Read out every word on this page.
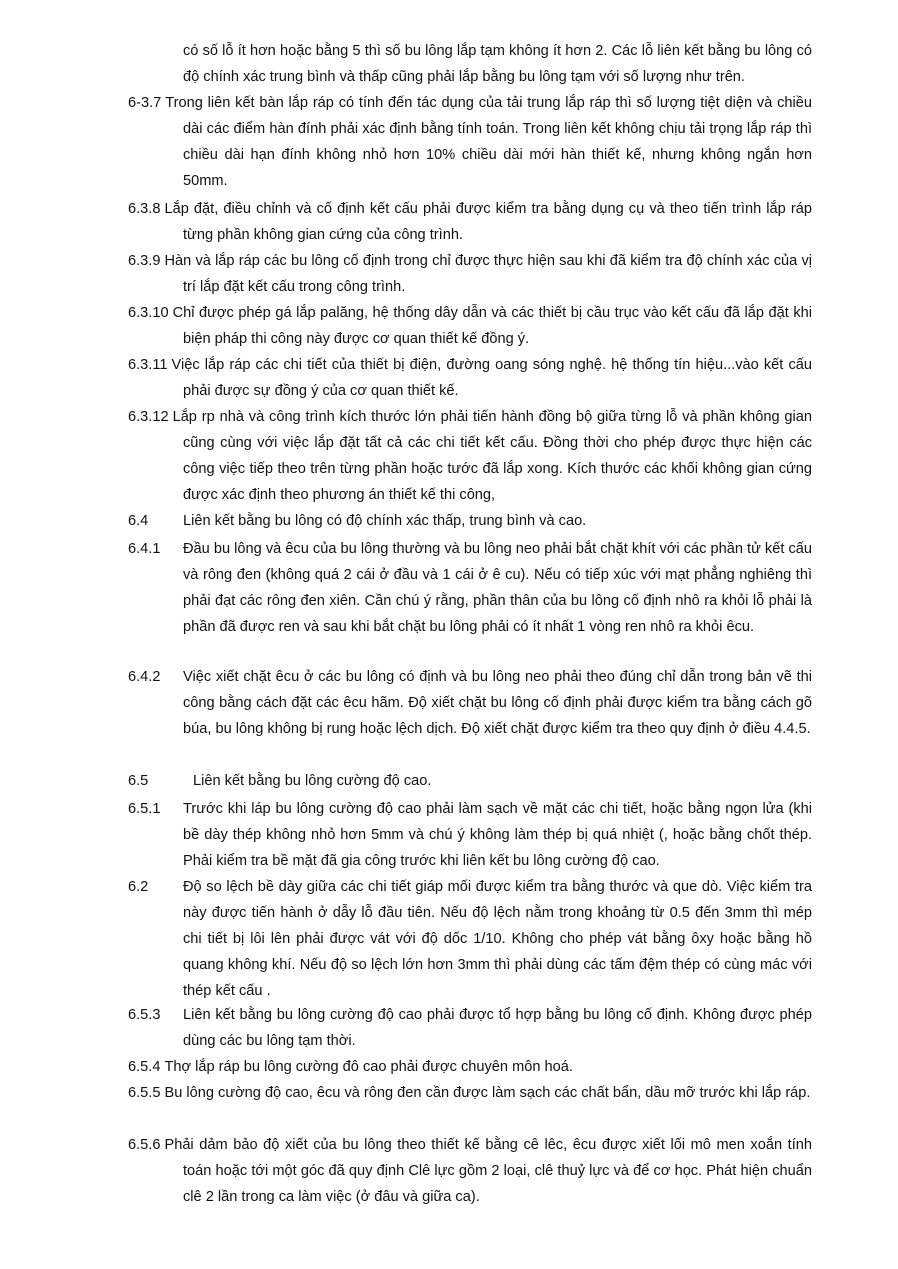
có số lỗ ít hơn hoặc bằng 5 thì số bu lông lắp tạm không ít hơn 2. Các lỗ liên kết bằng bu lông có độ chính xác trung bình và thấp cũng phải lắp bằng bu lông tạm với số lượng như trên.

6-3.7 Trong liên kết bàn lắp ráp có tính đến tác dụng của tải trung lắp ráp thì số lượng tiệt diện và chiều dài các điểm hàn đính phải xác định bằng tính toán. Trong liên kết không chịu tải trọng lắp ráp thì chiều dài hạn đính không nhỏ hơn 10% chiều dài mới hàn thiết kế, nhưng không ngắn hơn 50mm.

6.3.8 Lắp đặt, điều chỉnh và cố định kết cấu phải được kiểm tra bằng dụng cụ và theo tiến trình lắp ráp từng phần không gian cứng của công trình.

6.3.9 Hàn và lắp ráp các bu lông cố định trong chỉ được thực hiện sau khi đã kiểm tra độ chính xác của vị trí lắp đặt kết cấu trong công trình.

6.3.10 Chỉ được phép gá lắp palăng, hệ thống dây dẫn và các thiết bị cầu trục vào kết cấu đã lắp đặt khi biện pháp thi công này được cơ quan thiết kế đồng ý.

6.3.11 Việc lắp ráp các chi tiết của thiết bị điện, đường oang sóng nghệ. hệ thống tín hiệu...vào kết cấu phải được sự đồng ý của cơ quan thiết kế.

6.3.12 Lắp rp nhà và công trình kích thước lớn phải tiến hành đồng bộ giữa từng lỗ và phần không gian cũng cùng với việc lắp đặt tất cả các chi tiết kết cấu. Đồng thời cho phép được thực hiện các công việc tiếp theo trên từng phần hoặc tước đã lắp xong. Kích thước các khối không gian cứng được xác định theo phương án thiết kế thi công,

6.4 Liên kết bằng bu lông có độ chính xác thấp, trung bình và cao.

6.4.1 Đầu bu lông và êcu của bu lông thường và bu lông neo phải bắt chặt khít với các phần tử kết cấu và rông đen (không quá 2 cái ở đầu và 1 cái ở ê cu). Nếu có tiếp xúc với mạt phẳng nghiêng thì phải đạt các rông đen xiên. Cần chú ý rằng, phần thân của bu lông cố định nhô ra khỏi lỗ phải là phần đã được ren và sau khi bắt chặt bu lông phải có ít nhất 1 vòng ren nhô ra khỏi êcu.

6.4.2 Việc xiết chặt êcu ở các bu lông có định và bu lông neo phải theo đúng chỉ dẫn trong bản vẽ thi công bằng cách đặt các êcu hãm. Độ xiết chặt bu lông cố định phải được kiểm tra bằng cách gõ búa, bu lông không bị rung hoặc lệch dịch. Độ xiết chặt được kiểm tra theo quy định ở điều 4.4.5.

6.5	Liên kết bằng bu lông cường độ cao.

6.5.1 Trước khi láp bu lông cường độ cao phải làm sạch về mặt các chi tiết, hoặc bằng ngọn lửa (khi bề dày thép không nhỏ hơn 5mm và chú ý không làm thép bị quá nhiệt (, hoặc bằng chốt thép. Phải kiểm tra bề mặt đã gia công trước khi liên kết bu lông cường độ cao.

6.2 Độ so lệch bề dày giữa các chi tiết giáp mối được kiểm tra bằng thước và que dò. Việc kiểm tra này được tiến hành ở dẫy lỗ đầu tiên. Nếu độ lệch nằm trong khoảng từ 0.5 đến 3mm thì mép chi tiết bị lôi lên phải được vát với độ dốc 1/10. Không cho phép vát bằng ôxy hoặc bằng hồ quang không khí. Nếu độ so lệch lớn hơn 3mm thì phải dùng các tấm đệm thép có cùng mác với thép kết cấu .

6.5.3 Liên kết bằng bu lông cường độ cao phải được tổ hợp bằng bu lông cố định. Không được phép dùng các bu lông tạm thời.

6.5.4 Thợ lắp ráp bu lông cường đô cao phải được chuyên môn hoá.

6.5.5 Bu lông cường độ cao, êcu và rông đen cần được làm sạch các chất bẩn, dầu mỡ trước khi lắp ráp.

6.5.6 Phải dảm bảo độ xiết của bu lông theo thiết kế bằng cê lêc, êcu được xiết lối mô men xoắn tính toán hoặc tới một góc đã quy định Clê lực gồm 2 loại, clê thuỷ lực và để cơ học. Phát hiện chuẩn clê 2 lần trong ca làm việc (ở đâu và giữa ca).
